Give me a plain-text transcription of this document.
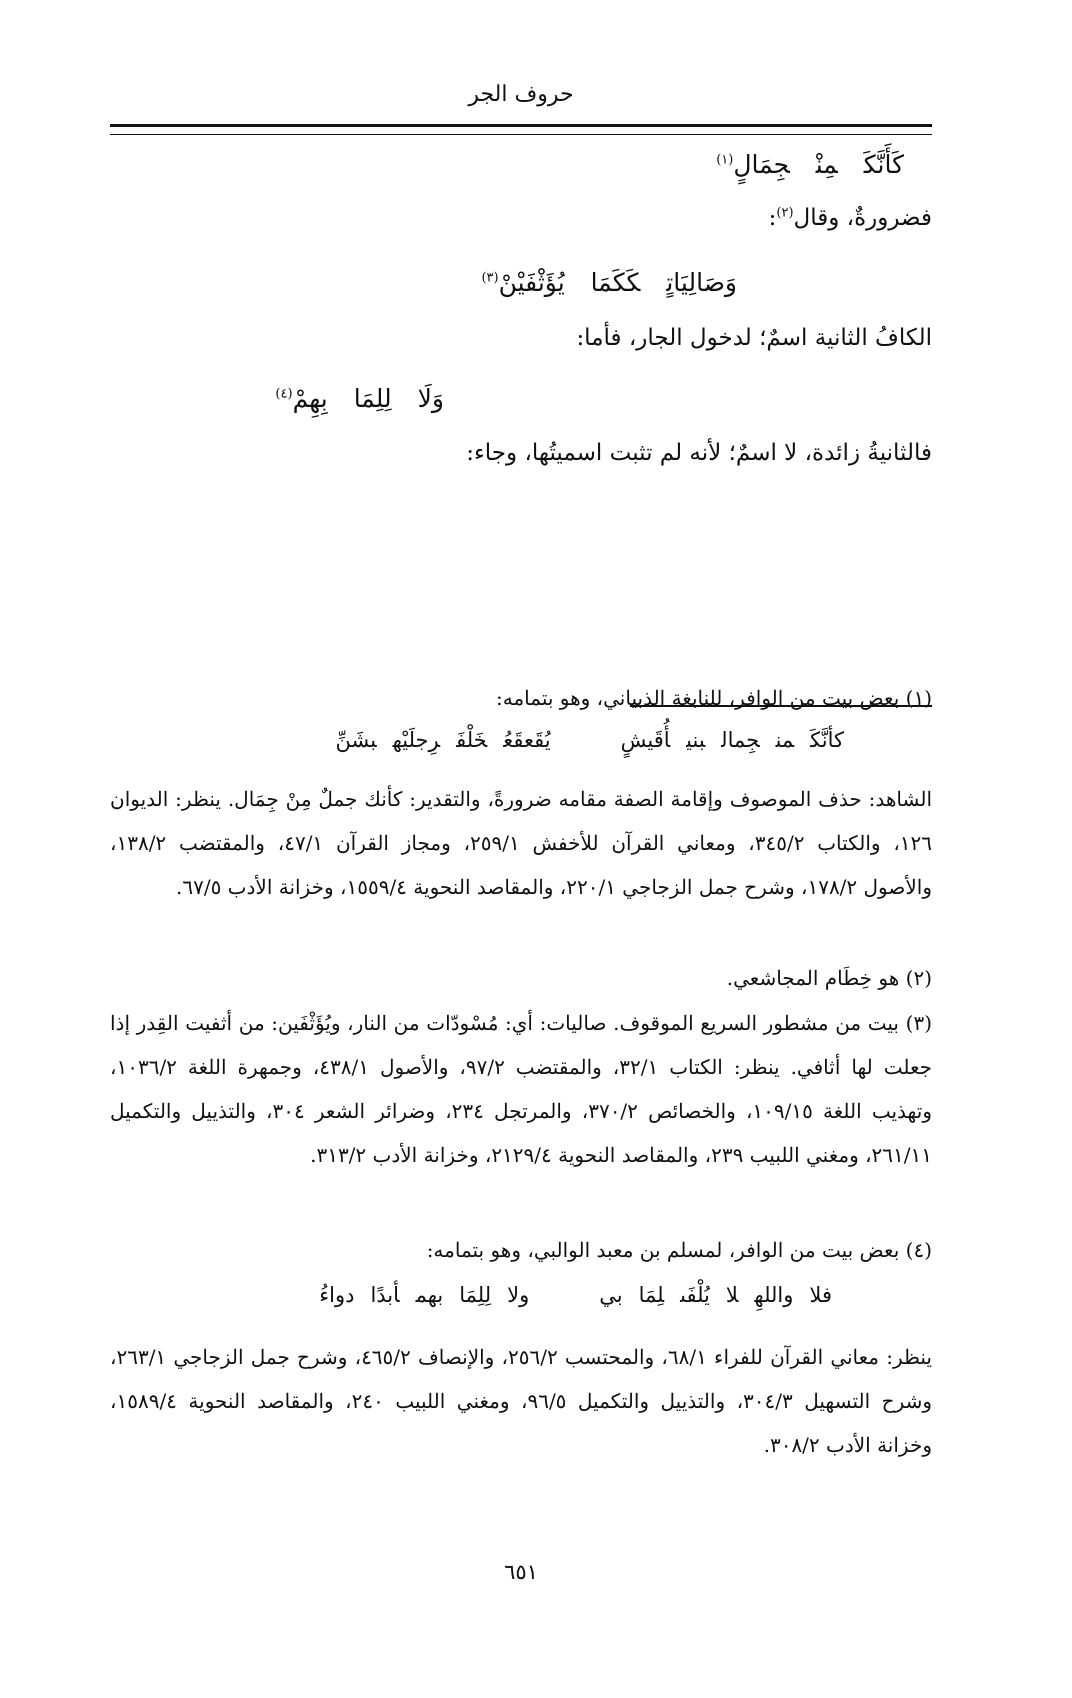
حروف الجر
كَأَنَّكَمِنْجِمَالٍ$^{(١)}$
فضرورةٌ، وقال$^{(٢)}$:
وَصَالِيَاتٍكَكَمَايُؤَثْفَيْنْ$^{(٣)}$
الكافُ الثانية اسمٌ؛ لدخول الجار، فأما:
وَلَالِلِمَابِهِمْ$^{(٤)}$
فالثانيةُ زائدة، لا اسمٌ؛ لأنه لم تثبت اسميتُها، وجاء:
(١) بعض بيت من الوافر، للنابغة الذبياني، وهو بتمامه:
كأنَّكَمنجِمالبنيأُقَيشٍيُقَعقَعُخَلْفَرِجلَيْهبشَنِّ
الشاهد: حذف الموصوف وإقامة الصفة مقامه ضرورةً، والتقدير: كأنك جملٌ مِنْ جِمَال. ينظر: الديوان ١٢٦، والكتاب ٣٤٥/٢، ومعاني القرآن للأخفش ٢٥٩/١، ومجاز القرآن ٤٧/١، والمقتضب ١٣٨/٢، والأصول ١٧٨/٢، وشرح جمل الزجاجي ٢٢٠/١، والمقاصد النحوية ١٥٥٩/٤، وخزانة الأدب ٦٧/٥.
(٢) هو خِطَام المجاشعي.
(٣) بيت من مشطور السريع الموقوف. صاليات: أي: مُسْودّات من النار، ويُؤَثْفَين: من أثفيت القِدر إذا جعلت لها أثافي. ينظر: الكتاب ٣٢/١، والمقتضب ٩٧/٢، والأصول ٤٣٨/١، وجمهرة اللغة ١٠٣٦/٢، وتهذيب اللغة ١٠٩/١٥، والخصائص ٣٧٠/٢، والمرتجل ٢٣٤، وضرائر الشعر ٣٠٤، والتذييل والتكميل ٢٦١/١١، ومغني اللبيب ٢٣٩، والمقاصد النحوية ٢١٢٩/٤، وخزانة الأدب ٣١٣/٢.
(٤) بعض بيت من الوافر، لمسلم بن معبد الوالبي، وهو بتمامه:
فلاواللهِلايُلْفَىلِمَابيولالِلِمَابهمأبدًادواءُ
ينظر: معاني القرآن للفراء ٦٨/١، والمحتسب ٢٥٦/٢، والإنصاف ٤٦٥/٢، وشرح جمل الزجاجي ٢٦٣/١، وشرح التسهيل ٣٠٤/٣، والتذييل والتكميل ٩٦/٥، ومغني اللبيب ٢٤٠، والمقاصد النحوية ١٥٨٩/٤، وخزانة الأدب ٣٠٨/٢.
٦٥١
